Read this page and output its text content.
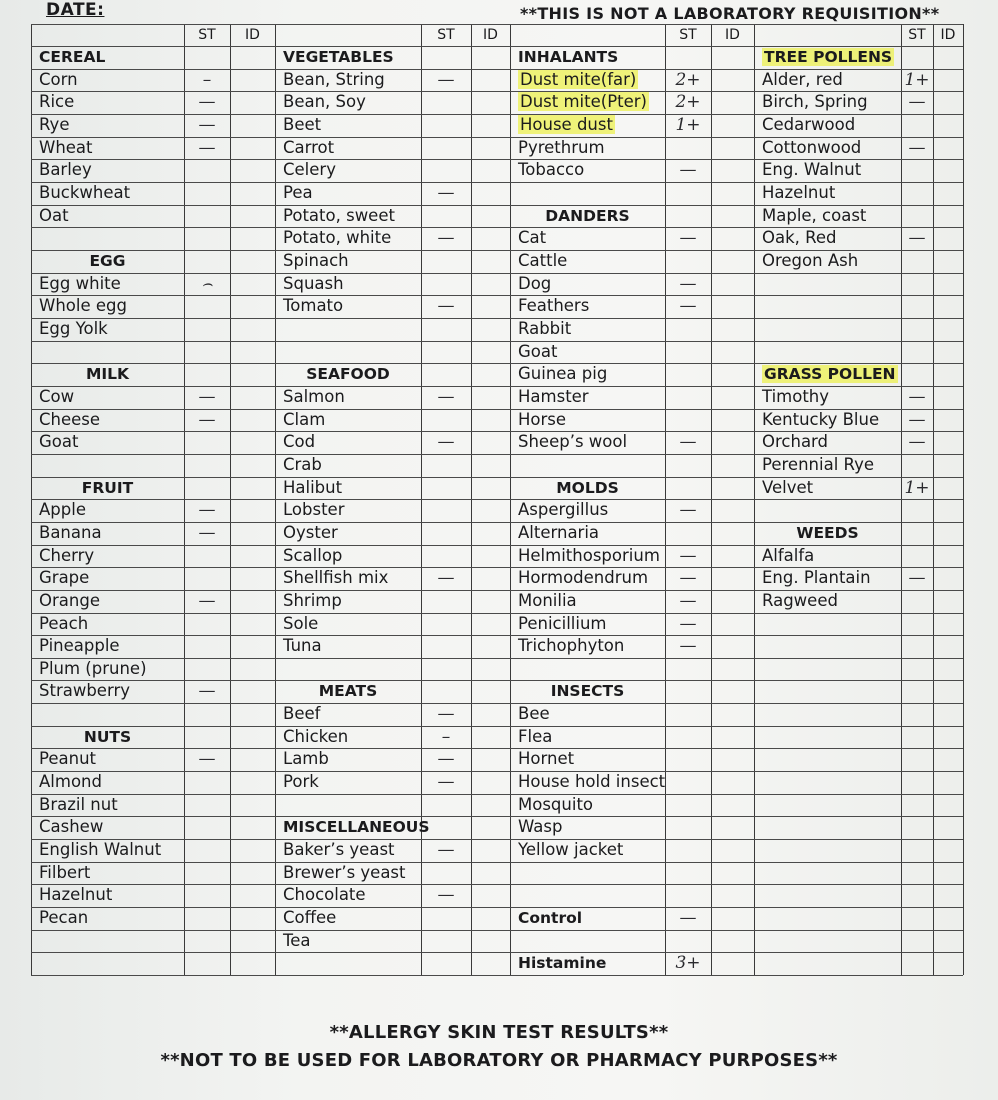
DATE:	**THIS IS NOT A LABORATORY REQUISITION**
ST	ID	ST	ID	ST	ID	ST	ID
CEREAL
Corn	–
Rice	—
Rye	—
Wheat	—
Barley
Buckwheat
Oat
EGG
Egg white	⌢
Whole egg
Egg Yolk
MILK
Cow	—
Cheese	—
Goat
FRUIT
Apple	—
Banana	—
Cherry
Grape
Orange	—
Peach
Pineapple
Plum (prune)
Strawberry	—
NUTS
Peanut	—
Almond
Brazil nut
Cashew
English Walnut
Filbert
Hazelnut
Pecan
VEGETABLES
Bean, String	—
Bean, Soy
Beet
Carrot
Celery
Pea	—
Potato, sweet
Potato, white	—
Spinach
Squash
Tomato	—
SEAFOOD
Salmon	—
Clam
Cod	—
Crab
Halibut
Lobster
Oyster
Scallop
Shellfish mix	—
Shrimp
Sole
Tuna
MEATS
Beef	—
Chicken	–
Lamb	—
Pork	—
MISCELLANEOUS
Baker’s yeast	—
Brewer’s yeast
Chocolate	—
Coffee
Tea
INHALANTS
Dust mite(far)	2+
Dust mite(Pter)	2+
House dust	1+
Pyrethrum
Tobacco	—
DANDERS
Cat	—
Cattle
Dog	—
Feathers	—
Rabbit
Goat
Guinea pig
Hamster
Horse
Sheep’s wool	—
MOLDS
Aspergillus	—
Alternaria
Helmithosporium	—
Hormodendrum	—
Monilia	—
Penicillium	—
Trichophyton	—
INSECTS
Bee
Flea
Hornet
House hold insect
Mosquito
Wasp
Yellow jacket
Control	—
Histamine	3+
TREE POLLENS
Alder, red	1+
Birch, Spring	—
Cedarwood
Cottonwood	—
Eng. Walnut
Hazelnut
Maple, coast
Oak, Red	—
Oregon Ash
GRASS POLLEN
Timothy	—
Kentucky Blue	—
Orchard	—
Perennial Rye
Velvet	1+
WEEDS
Alfalfa
Eng. Plantain	—
Ragweed
**ALLERGY SKIN TEST RESULTS**
**NOT TO BE USED FOR LABORATORY OR PHARMACY PURPOSES**
